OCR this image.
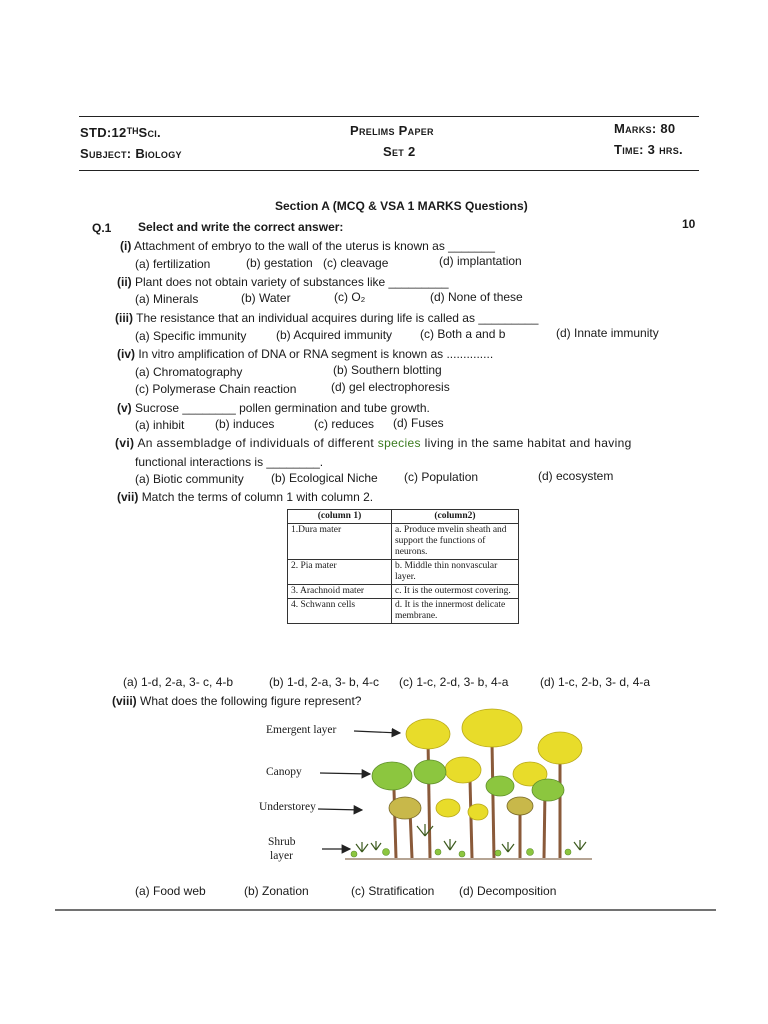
STD:12ᵀᴴSci.
Subject: Biology
Prelims Paper
Set 2
Marks: 80
Time: 3 hrs.
Section A (MCQ & VSA 1 MARKS Questions)
Q.1 Select and write the correct answer:	10
(i) Attachment of embryo to the wall of the uterus is known as _______
(a) fertilization	(b) gestation (c) cleavage	(d) implantation
(ii) Plant does not obtain variety of substances like _________
(a) Minerals	(b) Water	(c) O₂	(d) None of these
(iii) The resistance that an individual acquires during life is called as _________
(a) Specific immunity (b) Acquired immunity (c) Both a and b	(d) Innate immunity
(iv) In vitro amplification of DNA or RNA segment is known as ..............
(a) Chromatography	(b) Southern blotting
(c) Polymerase Chain reaction	(d) gel electrophoresis
(v) Sucrose ________ pollen germination and tube growth.
(a) inhibit	(b) induces	(c) reduces (d) Fuses
(vi) An assembladge of individuals of different species living in the same habitat and having
functional interactions is ________.
(a) Biotic community (b) Ecological Niche (c) Population	(d) ecosystem
(vii) Match the terms of column 1 with column 2.
(column 1)	(column2)
1.Dura mater	a. Produce mvelin sheath and support the functions of neurons.
2. Pia mater	b. Middle thin nonvascular layer.
3. Arachnoid mater	c. It is the outermost covering.
4. Schwann cells	d. It is the innermost delicate membrane.
(a) 1-d, 2-a, 3- c, 4-b	(b) 1-d, 2-a, 3- b, 4-c (c) 1-c, 2-d, 3- b, 4-a	(d) 1-c, 2-b, 3- d, 4-a
(viii) What does the following figure represent?
Emergent layer
Canopy
Understorey
Shrub
layer
(a) Food web	(b) Zonation	(c) Stratification (d) Decomposition
